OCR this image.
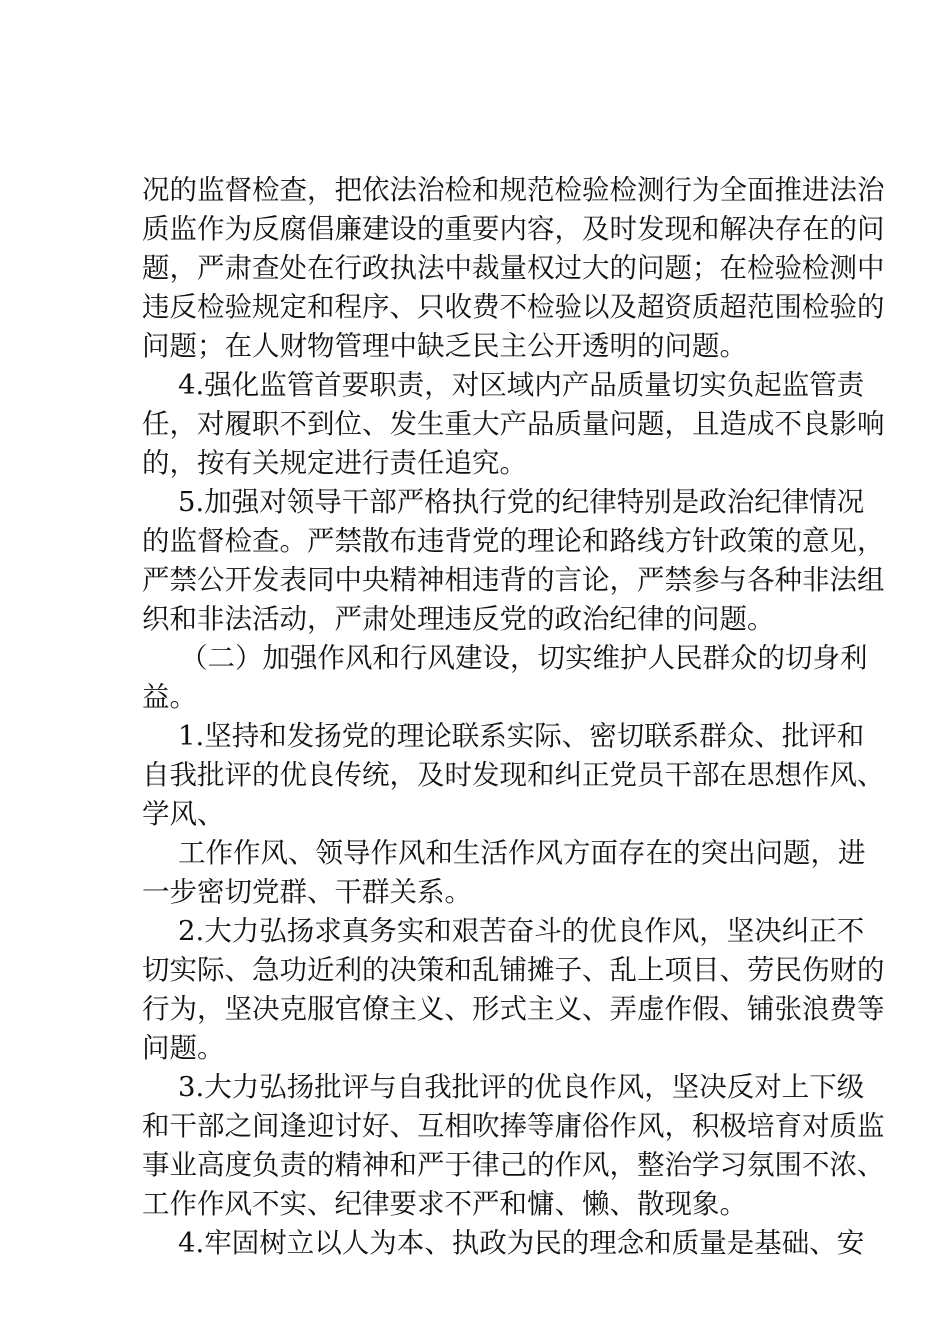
况的监督检查，把依法治检和规范检验检测行为全面推进法治
质监作为反腐倡廉建设的重要内容，及时发现和解决存在的问
题，严肃查处在行政执法中裁量权过大的问题；在检验检测中
违反检验规定和程序、只收费不检验以及超资质超范围检验的
问题；在人财物管理中缺乏民主公开透明的问题。
4.强化监管首要职责，对区域内产品质量切实负起监管责
任，对履职不到位、发生重大产品质量问题，且造成不良影响
的，按有关规定进行责任追究。
5.加强对领导干部严格执行党的纪律特别是政治纪律情况
的监督检查。严禁散布违背党的理论和路线方针政策的意见，
严禁公开发表同中央精神相违背的言论，严禁参与各种非法组
织和非法活动，严肃处理违反党的政治纪律的问题。
（二）加强作风和行风建设，切实维护人民群众的切身利
益。
1.坚持和发扬党的理论联系实际、密切联系群众、批评和
自我批评的优良传统，及时发现和纠正党员干部在思想作风、
学风、
工作作风、领导作风和生活作风方面存在的突出问题，进
一步密切党群、干群关系。
2.大力弘扬求真务实和艰苦奋斗的优良作风，坚决纠正不
切实际、急功近利的决策和乱铺摊子、乱上项目、劳民伤财的
行为，坚决克服官僚主义、形式主义、弄虚作假、铺张浪费等
问题。
3.大力弘扬批评与自我批评的优良作风，坚决反对上下级
和干部之间逢迎讨好、互相吹捧等庸俗作风，积极培育对质监
事业高度负责的精神和严于律己的作风，整治学习氛围不浓、
工作作风不实、纪律要求不严和慵、懒、散现象。
4.牢固树立以人为本、执政为民的理念和质量是基础、安
